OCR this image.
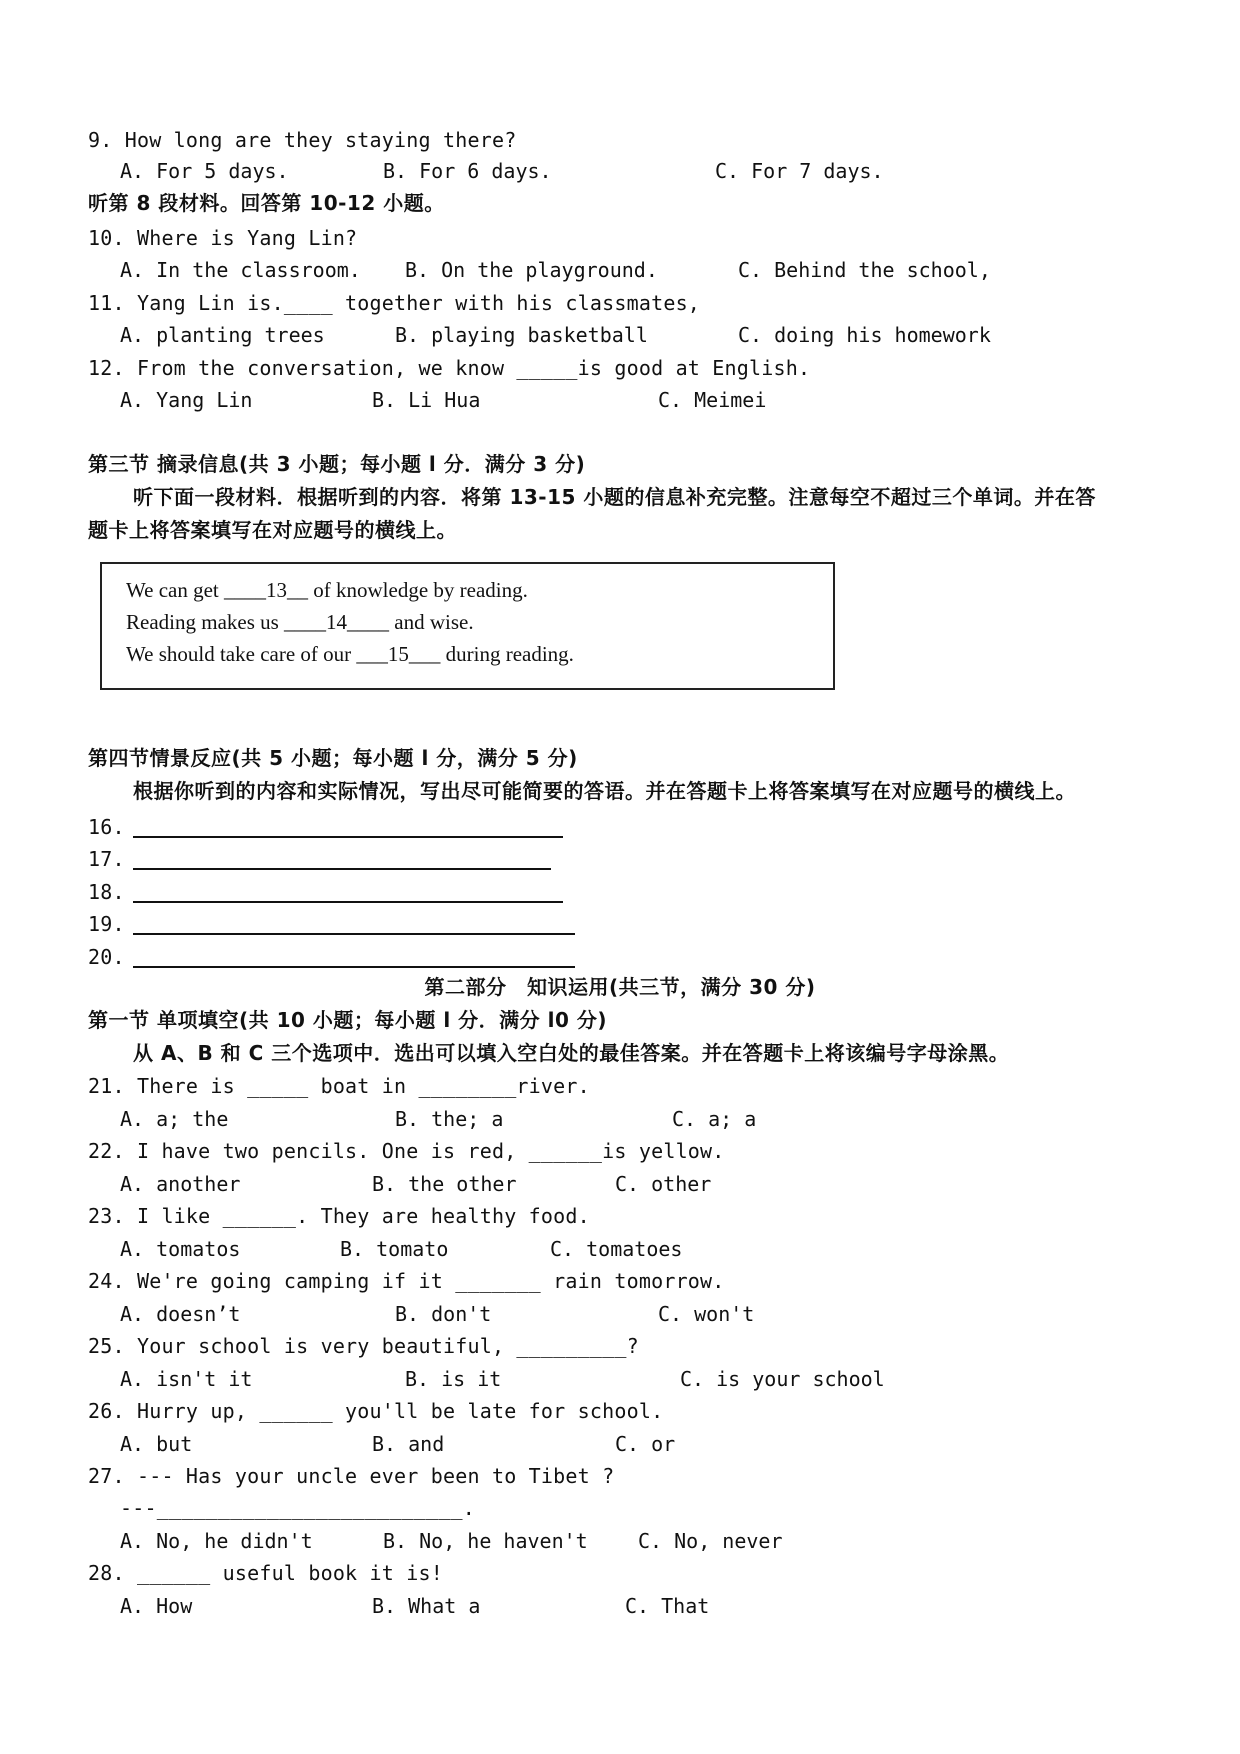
9. How long are they staying there?
A. For 5 days.	B. For 6 days.	C. For 7 days.
听第 8 段材料。回答第 10-12 小题。
10. Where is Yang Lin?
A. In the classroom. B. On the playground.	C. Behind the school,
11. Yang Lin is.____ together with his classmates,
A. planting trees	B. playing basketball	C. doing his homework
12. From the conversation, we know _____is good at English.
A. Yang Lin	B. Li Hua	C. Meimei
第三节 摘录信息(共 3 小题；每小题 l 分．满分 3 分)
听下面一段材料．根据听到的内容．将第 13-15 小题的信息补充完整。注意每空不超过三个单词。并在答
题卡上将答案填写在对应题号的横线上。
We can get ____13__ of knowledge by reading.
Reading makes us ____14____ and wise.
We should take care of our ___15___ during reading.
第四节情景反应(共 5 小题；每小题 l 分，满分 5 分)
根据你听到的内容和实际情况，写出尽可能简要的答语。并在答题卡上将答案填写在对应题号的横线上。
16.
17.
18.
19.
20.
第二部分　知识运用(共三节，满分 30 分)
第一节 单项填空(共 10 小题；每小题 l 分．满分 l0 分)
从 A、B 和 C 三个选项中．选出可以填入空白处的最佳答案。并在答题卡上将该编号字母涂黑。
21. There is _____ boat in ________river.
A. a; the	B. the; a	C. a; a
22. I have two pencils. One is red, ______is yellow.
A. another	B. the other	C. other
23. I like ______. They are healthy food.
A. tomatos	B. tomato	C. tomatoes
24. We're going camping if it _______ rain tomorrow.
A. doesn’t	B. don't	C. won't
25. Your school is very beautiful, _________?
A. isn't it	B. is it	C. is your school
26. Hurry up, ______ you'll be late for school.
A. but	B. and	C. or
27. --- Has your uncle ever been to Tibet ?
---_________________________.
A. No, he didn't	B. No, he haven't	C. No, never
28. ______ useful book it is!
A. How	B. What a	C. That
